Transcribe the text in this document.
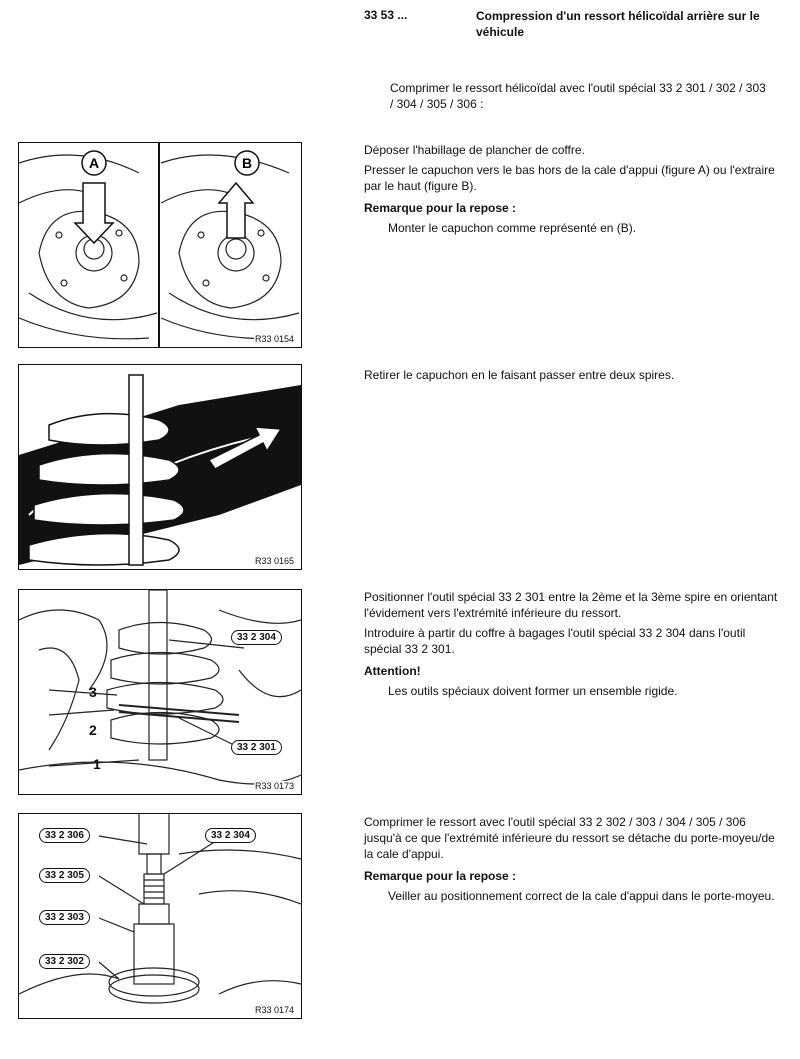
33 53 ...	Compression d'un ressort hélicoïdal arrière sur le véhicule

Comprimer le ressort hélicoïdal avec l'outil spécial 33 2 301 / 302 / 303 / 304 / 305 / 306 :

A	B
R33 0154

Déposer l'habillage de plancher de coffre.

Presser le capuchon vers le bas hors de la cale d'appui (figure A) ou l'extraire par le haut (figure B).

Remarque pour la repose :

Monter le capuchon comme représenté en (B).

R33 0165

Retirer le capuchon en le faisant passer entre deux spires.

33 2 304
33 2 301
3
2
1
R33 0173

Positionner l'outil spécial 33 2 301 entre la 2ème et la 3ème spire en orientant l'évidement vers l'extrémité inférieure du ressort.

Introduire à partir du coffre à bagages l'outil spécial 33 2 304 dans l'outil spécial 33 2 301.

Attention!

Les outils spéciaux doivent former un ensemble rigide.

33 2 306	33 2 304
33 2 305
33 2 303
33 2 302
R33 0174

Comprimer le ressort avec l'outil spécial 33 2 302 / 303 / 304 / 305 / 306 jusqu'à ce que l'extrémité inférieure du ressort se détache du porte-moyeu/de la cale d'appui.

Remarque pour la repose :

Veiller au positionnement correct de la cale d'appui dans le porte-moyeu.
